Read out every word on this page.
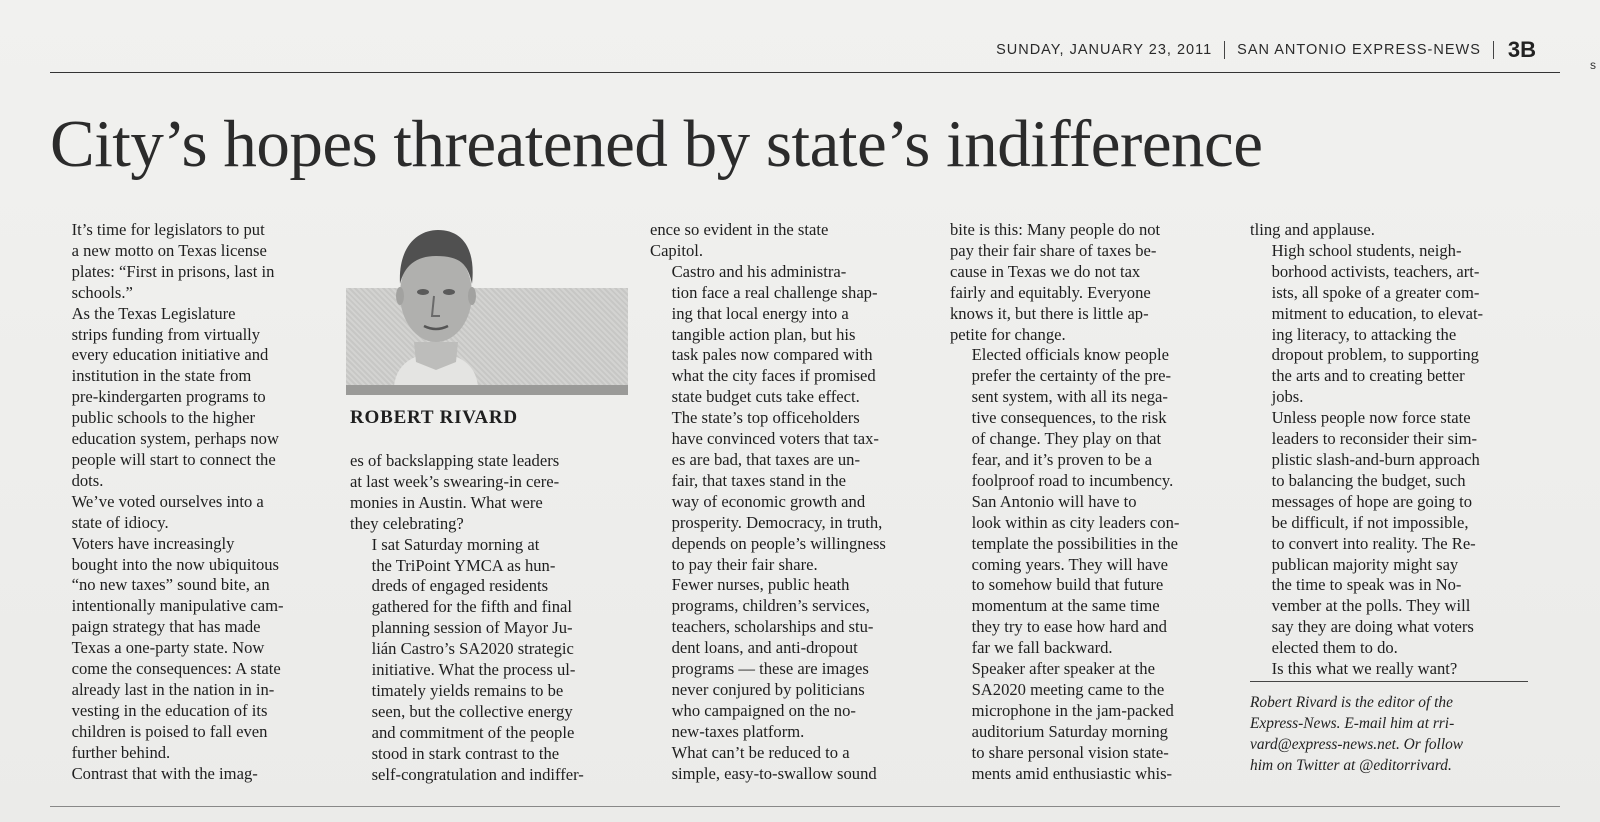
SUNDAY, JANUARY 23, 2011 SAN ANTONIO EXPRESS-NEWS 3B
s
City’s hopes threatened by state’s indifference
ROBERT RIVARD

It’s time for legislators to put
a new motto on Texas license
plates: “First in prisons, last in
schools.”

As the Texas Legislature
strips funding from virtually
every education initiative and
institution in the state from
pre-kindergarten programs to
public schools to the higher
education system, perhaps now
people will start to connect the
dots.

We’ve voted ourselves into a
state of idiocy.

Voters have increasingly
bought into the now ubiquitous
“no new taxes” sound bite, an
intentionally manipulative cam-
paign strategy that has made
Texas a one-party state. Now
come the consequences: A state
already last in the nation in in-
vesting in the education of its
children is poised to fall even
further behind.

Contrast that with the imag-

es of backslapping state leaders
at last week’s swearing-in cere-
monies in Austin. What were
they celebrating?

I sat Saturday morning at
the TriPoint YMCA as hun-
dreds of engaged residents
gathered for the fifth and final
planning session of Mayor Ju-
lián Castro’s SA2020 strategic
initiative. What the process ul-
timately yields remains to be
seen, but the collective energy
and commitment of the people
stood in stark contrast to the
self-congratulation and indiffer-

ence so evident in the state
Capitol.

Castro and his administra-
tion face a real challenge shap-
ing that local energy into a
tangible action plan, but his
task pales now compared with
what the city faces if promised
state budget cuts take effect.

The state’s top officeholders
have convinced voters that tax-
es are bad, that taxes are un-
fair, that taxes stand in the
way of economic growth and
prosperity. Democracy, in truth,
depends on people’s willingness
to pay their fair share.

Fewer nurses, public heath
programs, children’s services,
teachers, scholarships and stu-
dent loans, and anti-dropout
programs — these are images
never conjured by politicians
who campaigned on the no-
new-taxes platform.

What can’t be reduced to a
simple, easy-to-swallow sound

bite is this: Many people do not
pay their fair share of taxes be-
cause in Texas we do not tax
fairly and equitably. Everyone
knows it, but there is little ap-
petite for change.

Elected officials know people
prefer the certainty of the pre-
sent system, with all its nega-
tive consequences, to the risk
of change. They play on that
fear, and it’s proven to be a
foolproof road to incumbency.

San Antonio will have to
look within as city leaders con-
template the possibilities in the
coming years. They will have
to somehow build that future
momentum at the same time
they try to ease how hard and
far we fall backward.

Speaker after speaker at the
SA2020 meeting came to the
microphone in the jam-packed
auditorium Saturday morning
to share personal vision state-
ments amid enthusiastic whis-

tling and applause.

High school students, neigh-
borhood activists, teachers, art-
ists, all spoke of a greater com-
mitment to education, to elevat-
ing literacy, to attacking the
dropout problem, to supporting
the arts and to creating better
jobs.

Unless people now force state
leaders to reconsider their sim-
plistic slash-and-burn approach
to balancing the budget, such
messages of hope are going to
be difficult, if not impossible,
to convert into reality. The Re-
publican majority might say
the time to speak was in No-
vember at the polls. They will
say they are doing what voters
elected them to do.

Is this what we really want?

Robert Rivard is the editor of the
Express-News. E-mail him at rri-
vard@express-news.net. Or follow
him on Twitter at @editorrivard.
